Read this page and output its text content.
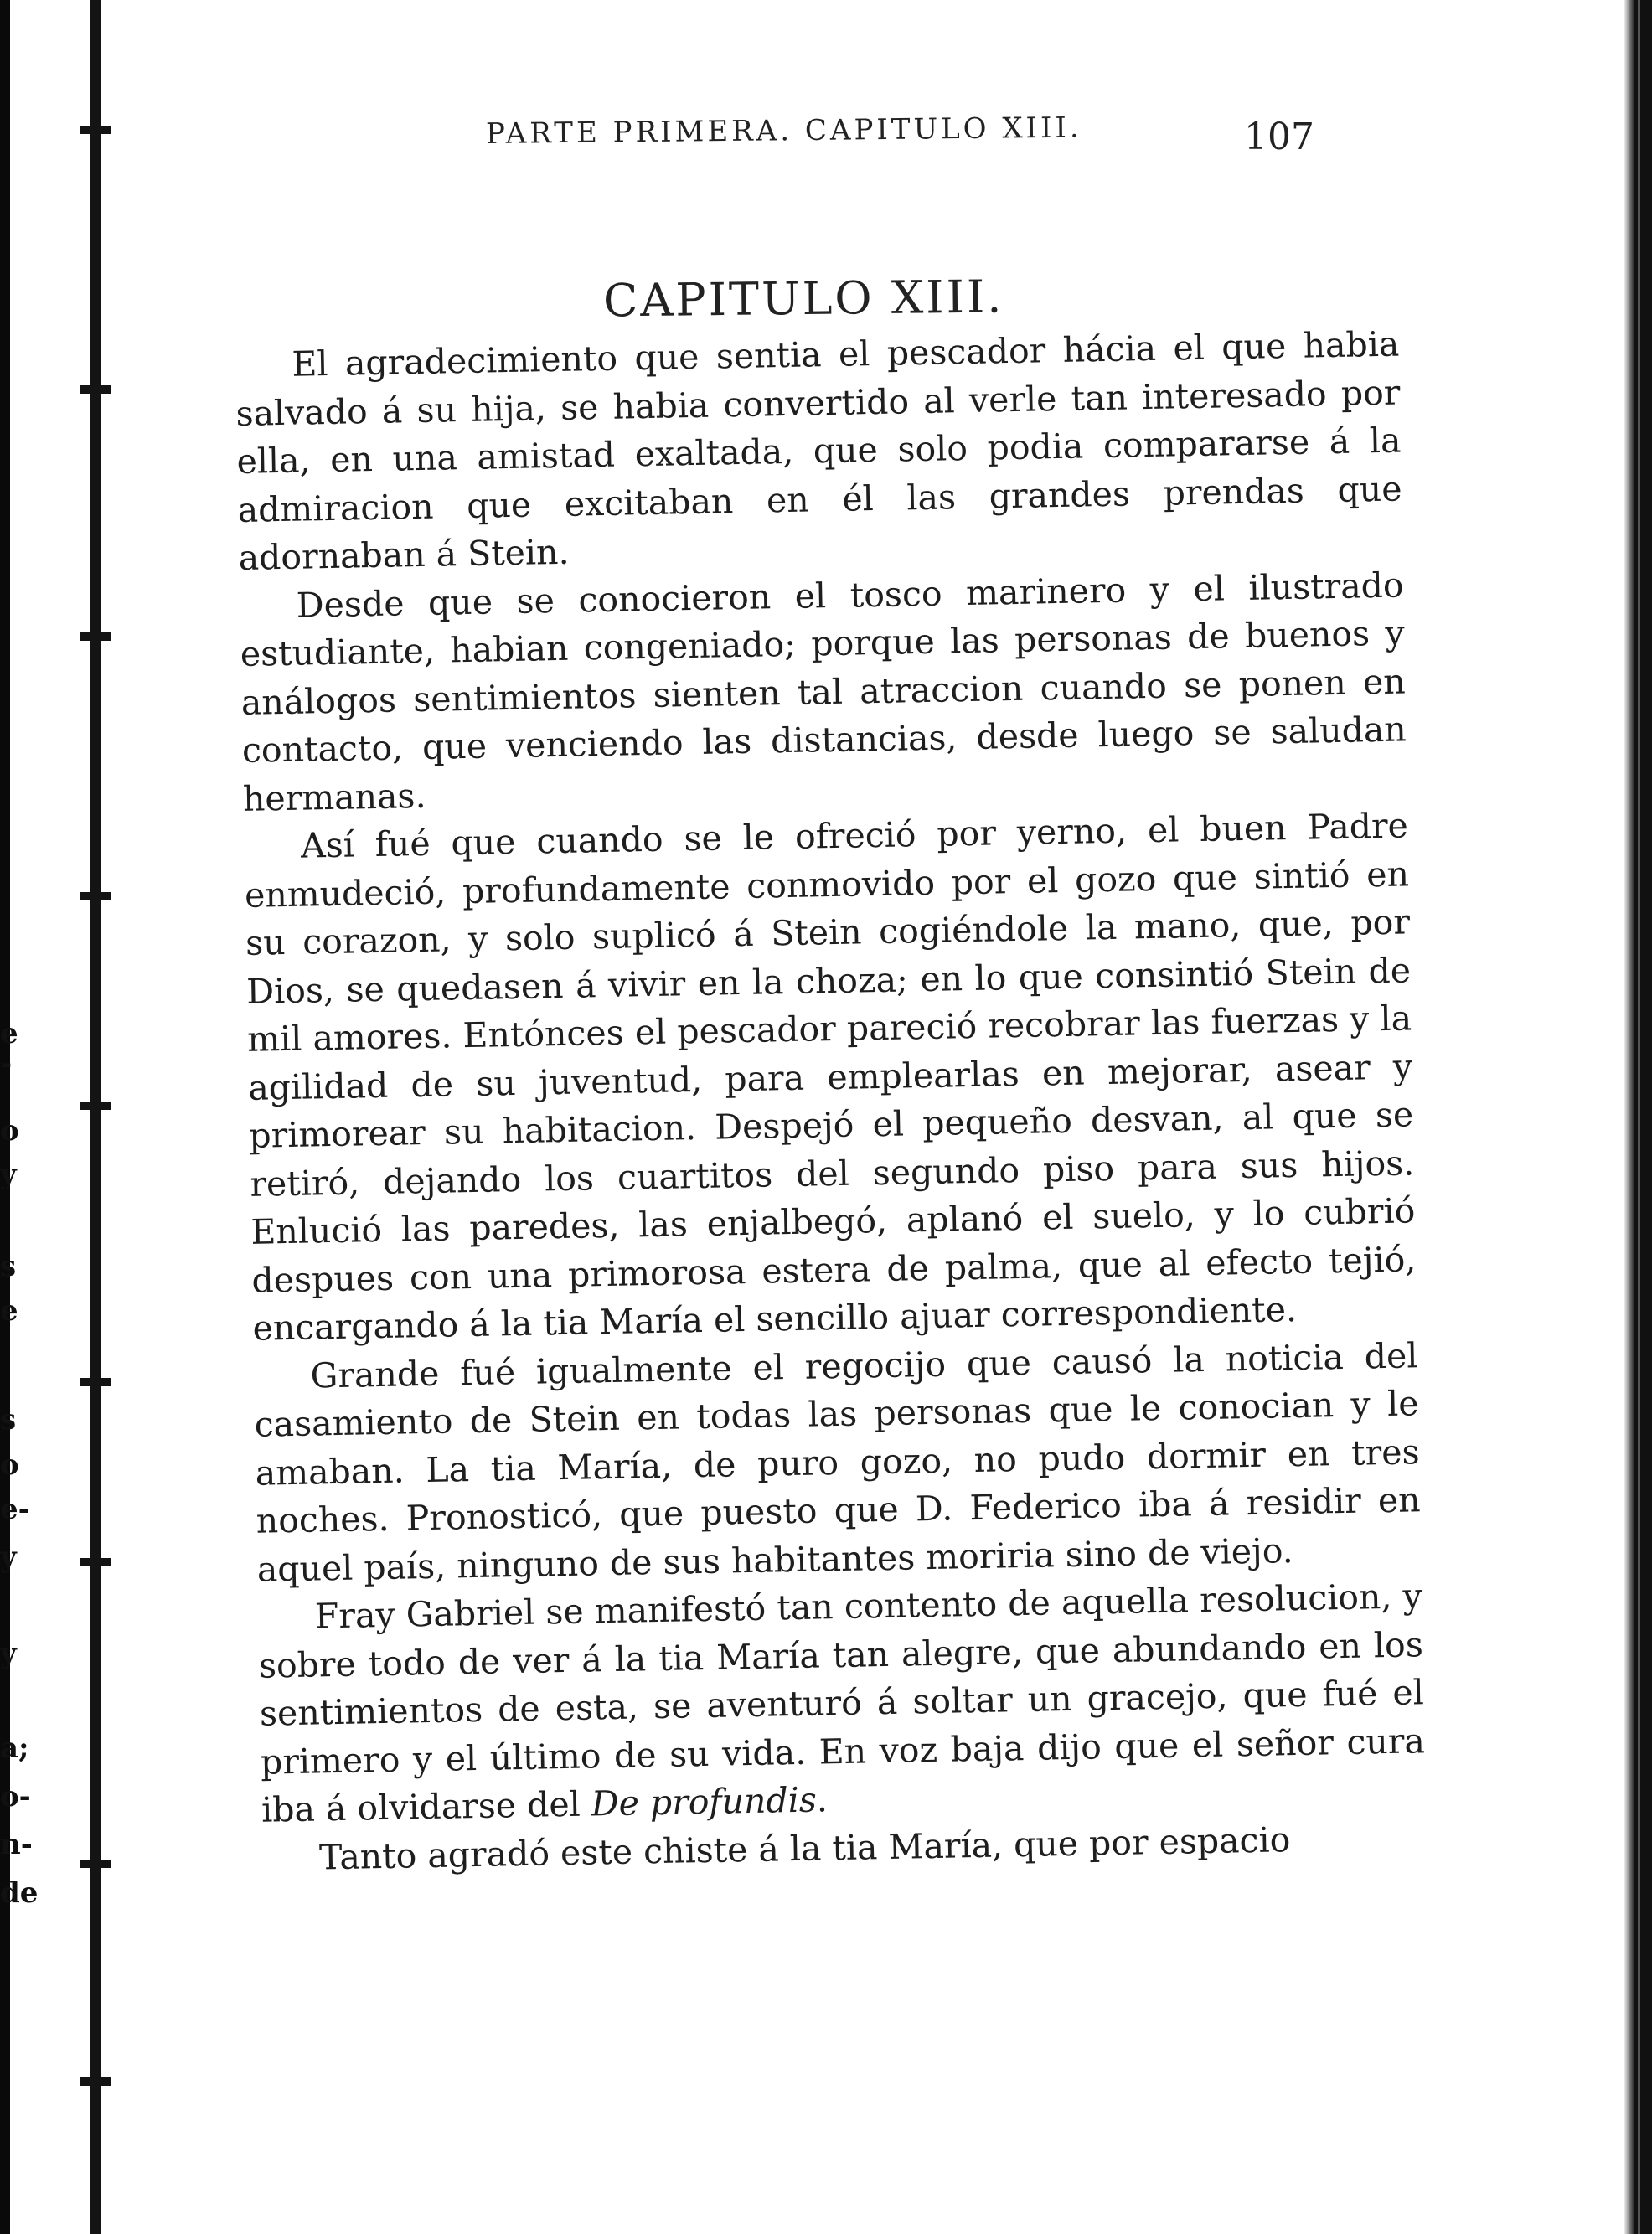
e
-
o
y
s
e
s
o
e-
y
y
a;
o-
n-
de
PARTE PRIMERA. CAPITULO XIII.	107
CAPITULO XIII.

El agradecimiento que sentia el pescador hácia el que habia salvado á su hija, se habia convertido al verle tan interesado por ella, en una amistad exaltada, que solo podia compararse á la admiracion que excitaban en él las grandes prendas que adornaban á Stein.

Desde que se conocieron el tosco marinero y el ilustrado estudiante, habian congeniado; porque las personas de buenos y análogos sentimientos sienten tal atraccion cuando se ponen en contacto, que venciendo las distancias, desde luego se saludan hermanas.

Así fué que cuando se le ofreció por yerno, el buen Padre enmudeció, profundamente conmovido por el gozo que sintió en su corazon, y solo suplicó á Stein cogiéndole la mano, que, por Dios, se quedasen á vivir en la choza; en lo que consintió Stein de mil amores. Entónces el pescador pareció recobrar las fuerzas y la agilidad de su juventud, para emplearlas en mejorar, asear y primorear su habitacion. Despejó el pequeño desvan, al que se retiró, dejando los cuartitos del segundo piso para sus hijos. Enlució las paredes, las enjalbegó, aplanó el suelo, y lo cubrió despues con una primorosa estera de palma, que al efecto tejió, encargando á la tia María el sencillo ajuar correspondiente.

Grande fué igualmente el regocijo que causó la noticia del casamiento de Stein en todas las personas que le conocian y le amaban. La tia María, de puro gozo, no pudo dormir en tres noches. Pronosticó, que puesto que D. Federico iba á residir en aquel país, ninguno de sus habitantes moriria sino de viejo.

Fray Gabriel se manifestó tan contento de aquella resolucion, y sobre todo de ver á la tia María tan alegre, que abundando en los sentimientos de esta, se aventuró á soltar un gracejo, que fué el primero y el último de su vida. En voz baja dijo que el señor cura iba á olvidarse del De profundis.

Tanto agradó este chiste á la tia María, que por espacio
